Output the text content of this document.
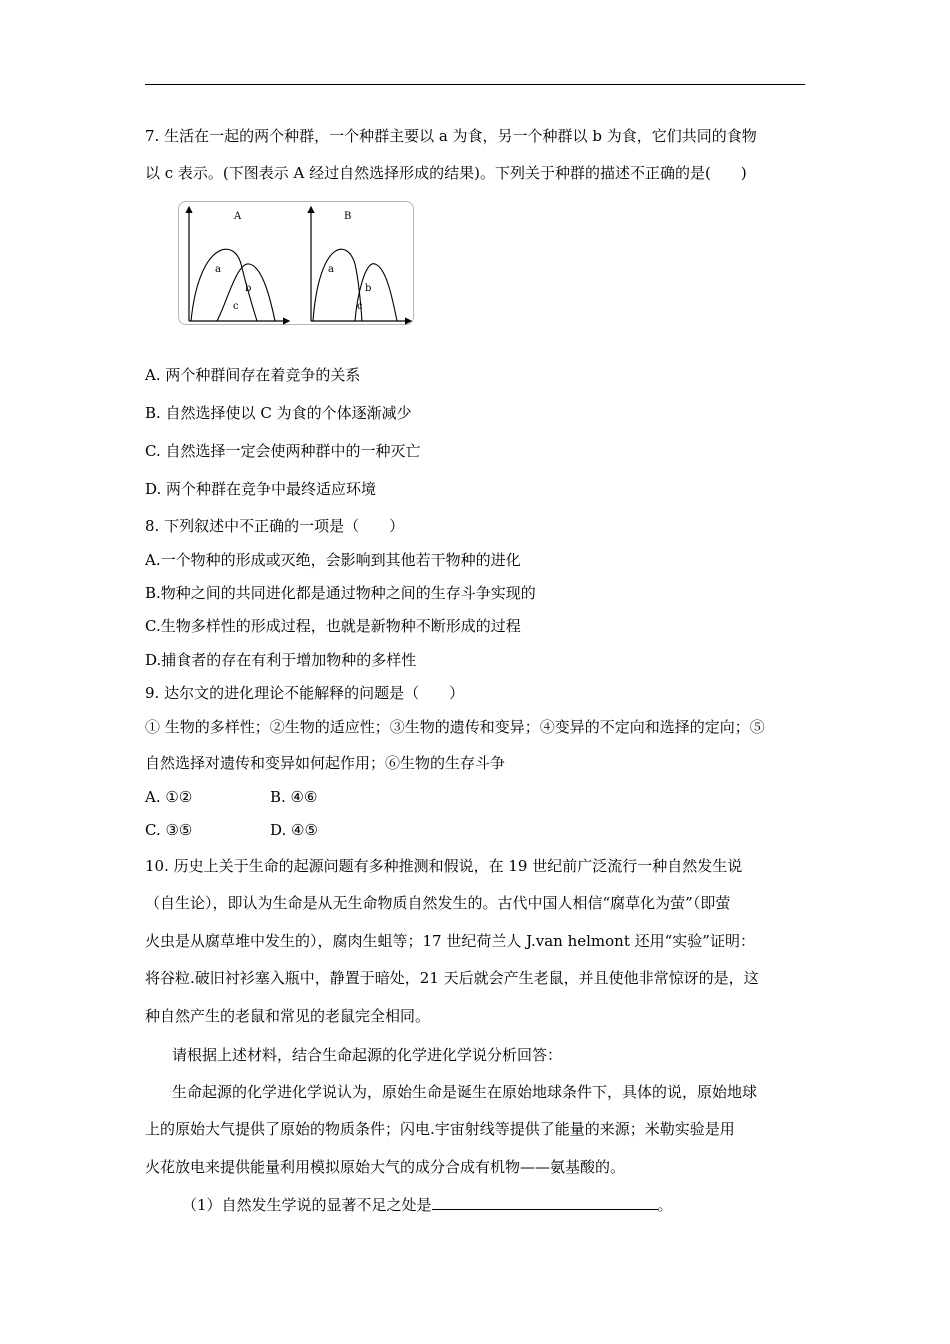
7. 生活在一起的两个种群，一个种群主要以 a 为食，另一个种群以 b 为食，它们共同的食物
以 c 表示。(下图表示 A 经过自然选择形成的结果)。下列关于种群的描述不正确的是(　　)
A
a
b
c
B
a
b
c
A. 两个种群间存在着竞争的关系
B. 自然选择使以 C 为食的个体逐渐减少
C. 自然选择一定会使两种群中的一种灭亡
D. 两个种群在竞争中最终适应环境
8. 下列叙述中不正确的一项是（　　）
A.一个物种的形成或灭绝，会影响到其他若干物种的进化
B.物种之间的共同进化都是通过物种之间的生存斗争实现的
C.生物多样性的形成过程，也就是新物种不断形成的过程
D.捕食者的存在有利于增加物种的多样性
9. 达尔文的进化理论不能解释的问题是（　　）
① 生物的多样性；②生物的适应性；③生物的遗传和变异；④变异的不定向和选择的定向；⑤
自然选择对遗传和变异如何起作用；⑥生物的生存斗争
A. ①②	B. ④⑥
C. ③⑤	D. ④⑤
10. 历史上关于生命的起源问题有多种推测和假说，在 19 世纪前广泛流行一种自然发生说
（自生论），即认为生命是从无生命物质自然发生的。古代中国人相信“腐草化为萤”（即萤
火虫是从腐草堆中发生的），腐肉生蛆等；17 世纪荷兰人 J.van helmont 还用“实验”证明：
将谷粒.破旧衬衫塞入瓶中，静置于暗处，21 天后就会产生老鼠，并且使他非常惊讶的是，这
种自然产生的老鼠和常见的老鼠完全相同。
请根据上述材料，结合生命起源的化学进化学说分析回答：
生命起源的化学进化学说认为，原始生命是诞生在原始地球条件下，具体的说，原始地球
上的原始大气提供了原始的物质条件；闪电.宇宙射线等提供了能量的来源；米勒实验是用
火花放电来提供能量利用模拟原始大气的成分合成有机物——氨基酸的。
（1）自然发生学说的显著不足之处是	。
